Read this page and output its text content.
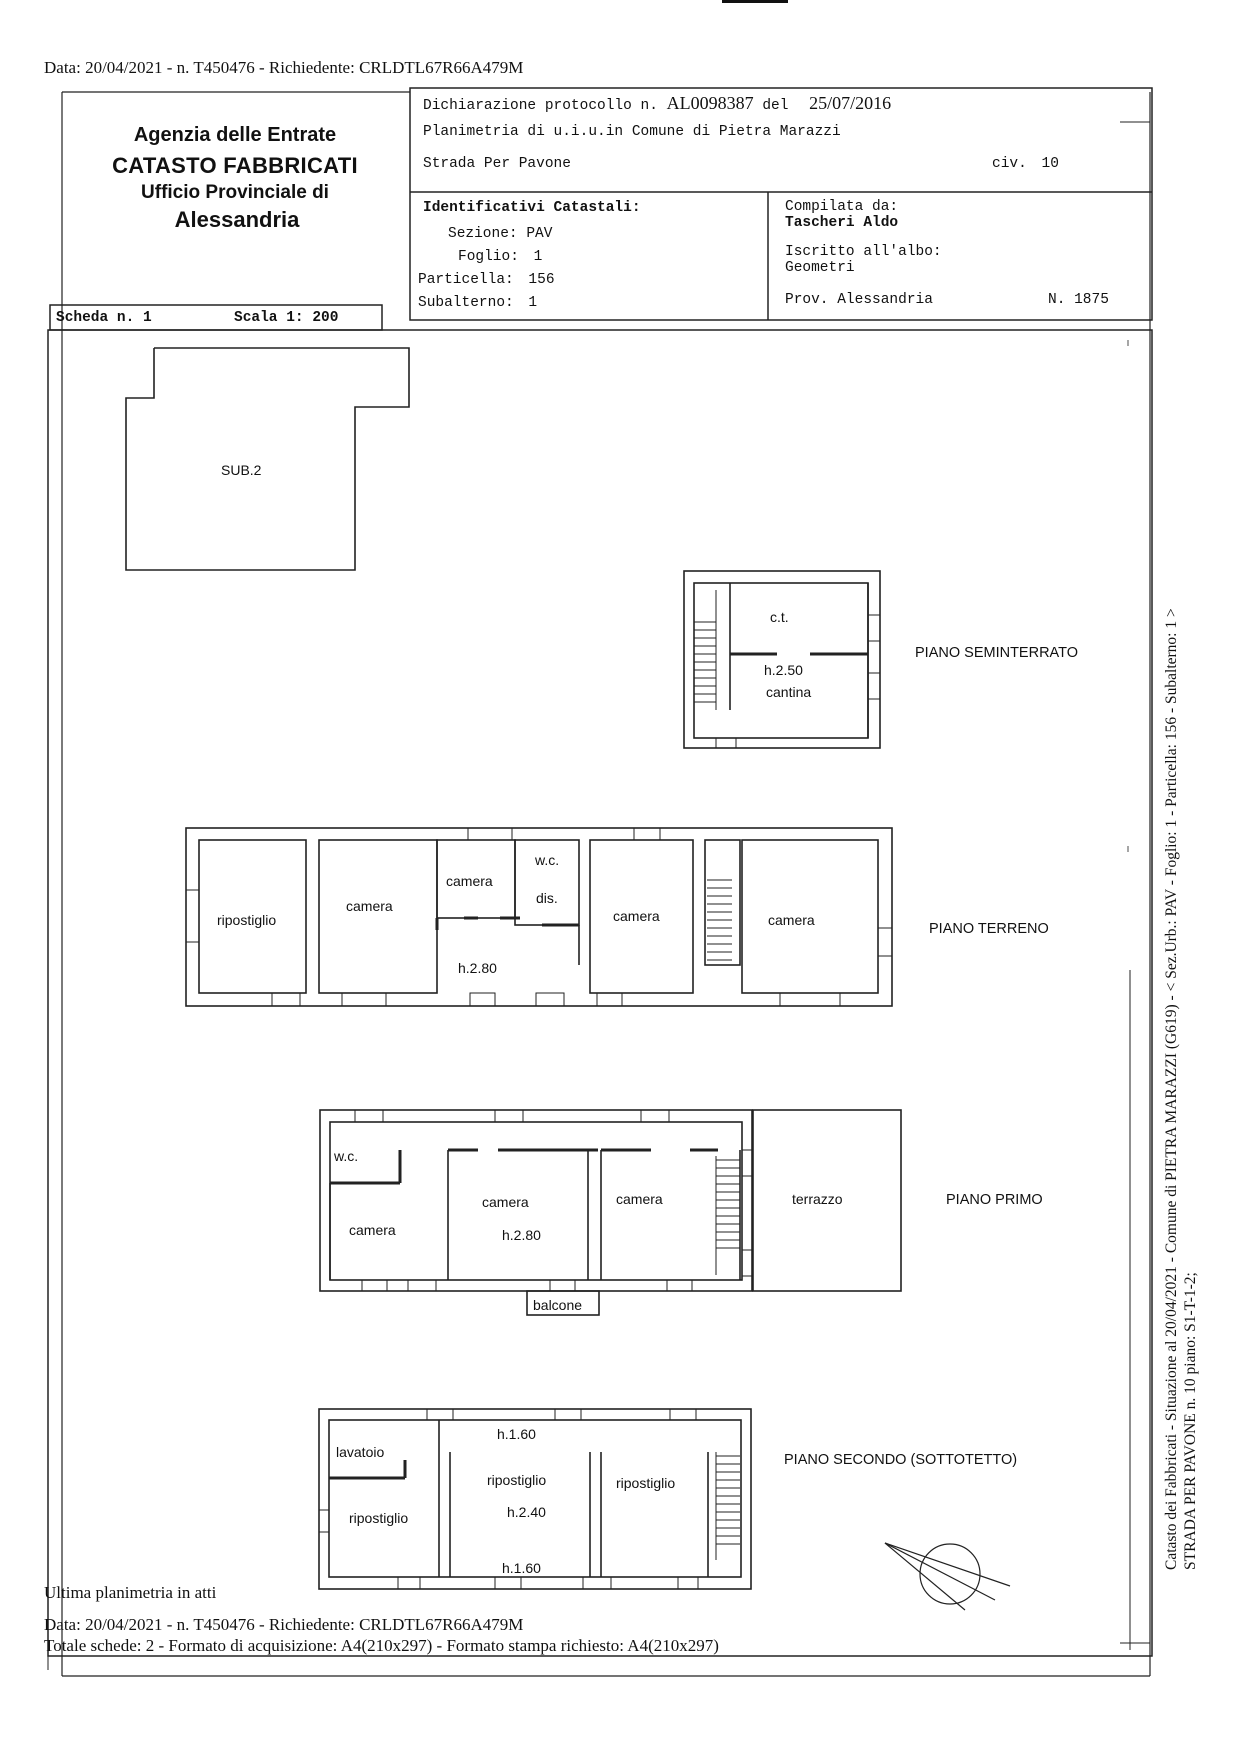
Data: 20/04/2021 - n. T450476 - Richiedente: CRLDTL67R66A479M
Agenzia delle Entrate
CATASTO FABBRICATI
Ufficio Provinciale di
Alessandria
Dichiarazione protocollo n. AL0098387 del 25/07/2016
Planimetria di u.i.u.in Comune di Pietra Marazzi
Strada Per Pavone	civ. 10
Identificativi Catastali:
Sezione: PAV
Foglio: 1
Particella: 156
Subalterno: 1
Compilata da:
Tascheri Aldo
Iscritto all'albo:
Geometri
Prov. Alessandria	N. 1875
Scheda n. 1	Scala 1: 200
SUB.2
c.t.
h.2.50
cantina
PIANO SEMINTERRATO
ripostiglio
camera
camera
w.c.
dis.
camera	camera
h.2.80
PIANO TERRENO
w.c.
camera
camera
h.2.80
camera	terrazzo
balcone
PIANO PRIMO
lavatoio
ripostiglio
h.1.60
ripostiglio
h.2.40
ripostiglio
h.1.60
PIANO SECONDO (SOTTOTETTO)	Catasto dei Fabbricati - Situazione al 20/04/2021 - Comune di PIETRA MARAZZI (G619) - < Sez.Urb.: PAV - Foglio: 1 - Particella: 156 - Subalterno: 1 > STRADA PER PAVONE n. 10 piano: S1-T-1-2;
Ultima planimetria in atti
Data: 20/04/2021 - n. T450476 - Richiedente: CRLDTL67R66A479M
Totale schede: 2 - Formato di acquisizione: A4(210x297) - Formato stampa richiesto: A4(210x297)
